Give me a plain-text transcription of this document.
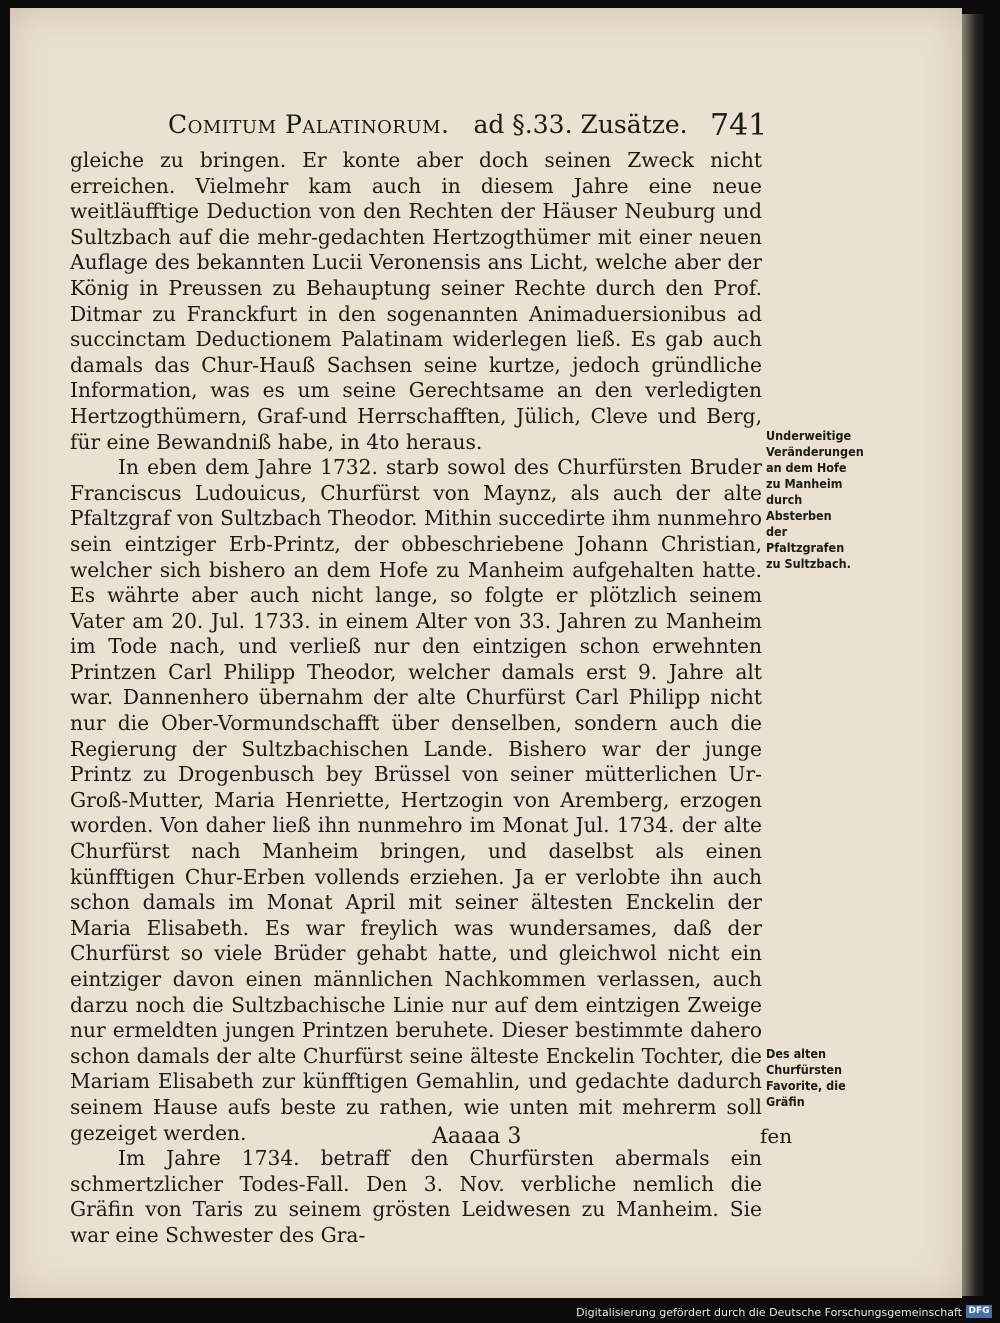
Comitum Palatinorum. ad §.33. Zusätze. 741

gleiche zu bringen. Er konte aber doch seinen Zweck nicht erreichen. Vielmehr kam auch in diesem Jahre eine neue weitläufftige Deduction von den Rechten der Häuser Neuburg und Sultzbach auf die mehr-gedachten Hertzogthümer mit einer neuen Auflage des bekannten Lucii Veronensis ans Licht, welche aber der König in Preussen zu Behauptung seiner Rechte durch den Prof. Ditmar zu Franckfurt in den sogenannten Animaduersionibus ad succinctam Deductionem Palatinam widerlegen ließ. Es gab auch damals das Chur-Hauß Sachsen seine kurtze, jedoch gründliche Information, was es um seine Gerechtsame an den verledigten Hertzogthümern, Graf-und Herrschafften, Jülich, Cleve und Berg, für eine Bewandniß habe, in 4to heraus.

In eben dem Jahre 1732. starb sowol des Churfürsten Bruder Franciscus Ludouicus, Churfürst von Maynz, als auch der alte Pfaltzgraf von Sultzbach Theodor. Mithin succedirte ihm nunmehro sein eintziger Erb-Printz, der obbeschriebene Johann Christian, welcher sich bishero an dem Hofe zu Manheim aufgehalten hatte. Es währte aber auch nicht lange, so folgte er plötzlich seinem Vater am 20. Jul. 1733. in einem Alter von 33. Jahren zu Manheim im Tode nach, und verließ nur den eintzigen schon erwehnten Printzen Carl Philipp Theodor, welcher damals erst 9. Jahre alt war. Dannenhero übernahm der alte Churfürst Carl Philipp nicht nur die Ober-Vormundschafft über denselben, sondern auch die Regierung der Sultzbachischen Lande. Bishero war der junge Printz zu Drogenbusch bey Brüssel von seiner mütterlichen Ur-Groß-Mutter, Maria Henriette, Hertzogin von Aremberg, erzogen worden. Von daher ließ ihn nunmehro im Monat Jul. 1734. der alte Churfürst nach Manheim bringen, und daselbst als einen künfftigen Chur-Erben vollends erziehen. Ja er verlobte ihn auch schon damals im Monat April mit seiner ältesten Enckelin der Maria Elisabeth. Es war freylich was wundersames, daß der Churfürst so viele Brüder gehabt hatte, und gleichwol nicht ein eintziger davon einen männlichen Nachkommen verlassen, auch darzu noch die Sultzbachische Linie nur auf dem eintzigen Zweige nur ermeldten jungen Printzen beruhete. Dieser bestimmte dahero schon damals der alte Churfürst seine älteste Enckelin Tochter, die Mariam Elisabeth zur künfftigen Gemahlin, und gedachte dadurch seinem Hause aufs beste zu rathen, wie unten mit mehrerm soll gezeiget werden.

Im Jahre 1734. betraff den Churfürsten abermals ein schmertzlicher Todes-Fall. Den 3. Nov. verbliche nemlich die Gräfin von Taris zu seinem grösten Leidwesen zu Manheim. Sie war eine Schwester des Gra-

Underweitige Veränderungen an dem Hofe zu Manheim durch Absterben der Pfaltzgrafen zu Sultzbach.
Des alten Churfürsten Favorite, die Gräfin
Aaaaa 3	fen
Digitalisierung gefördert durch die Deutsche Forschungsgemeinschaft DFG
